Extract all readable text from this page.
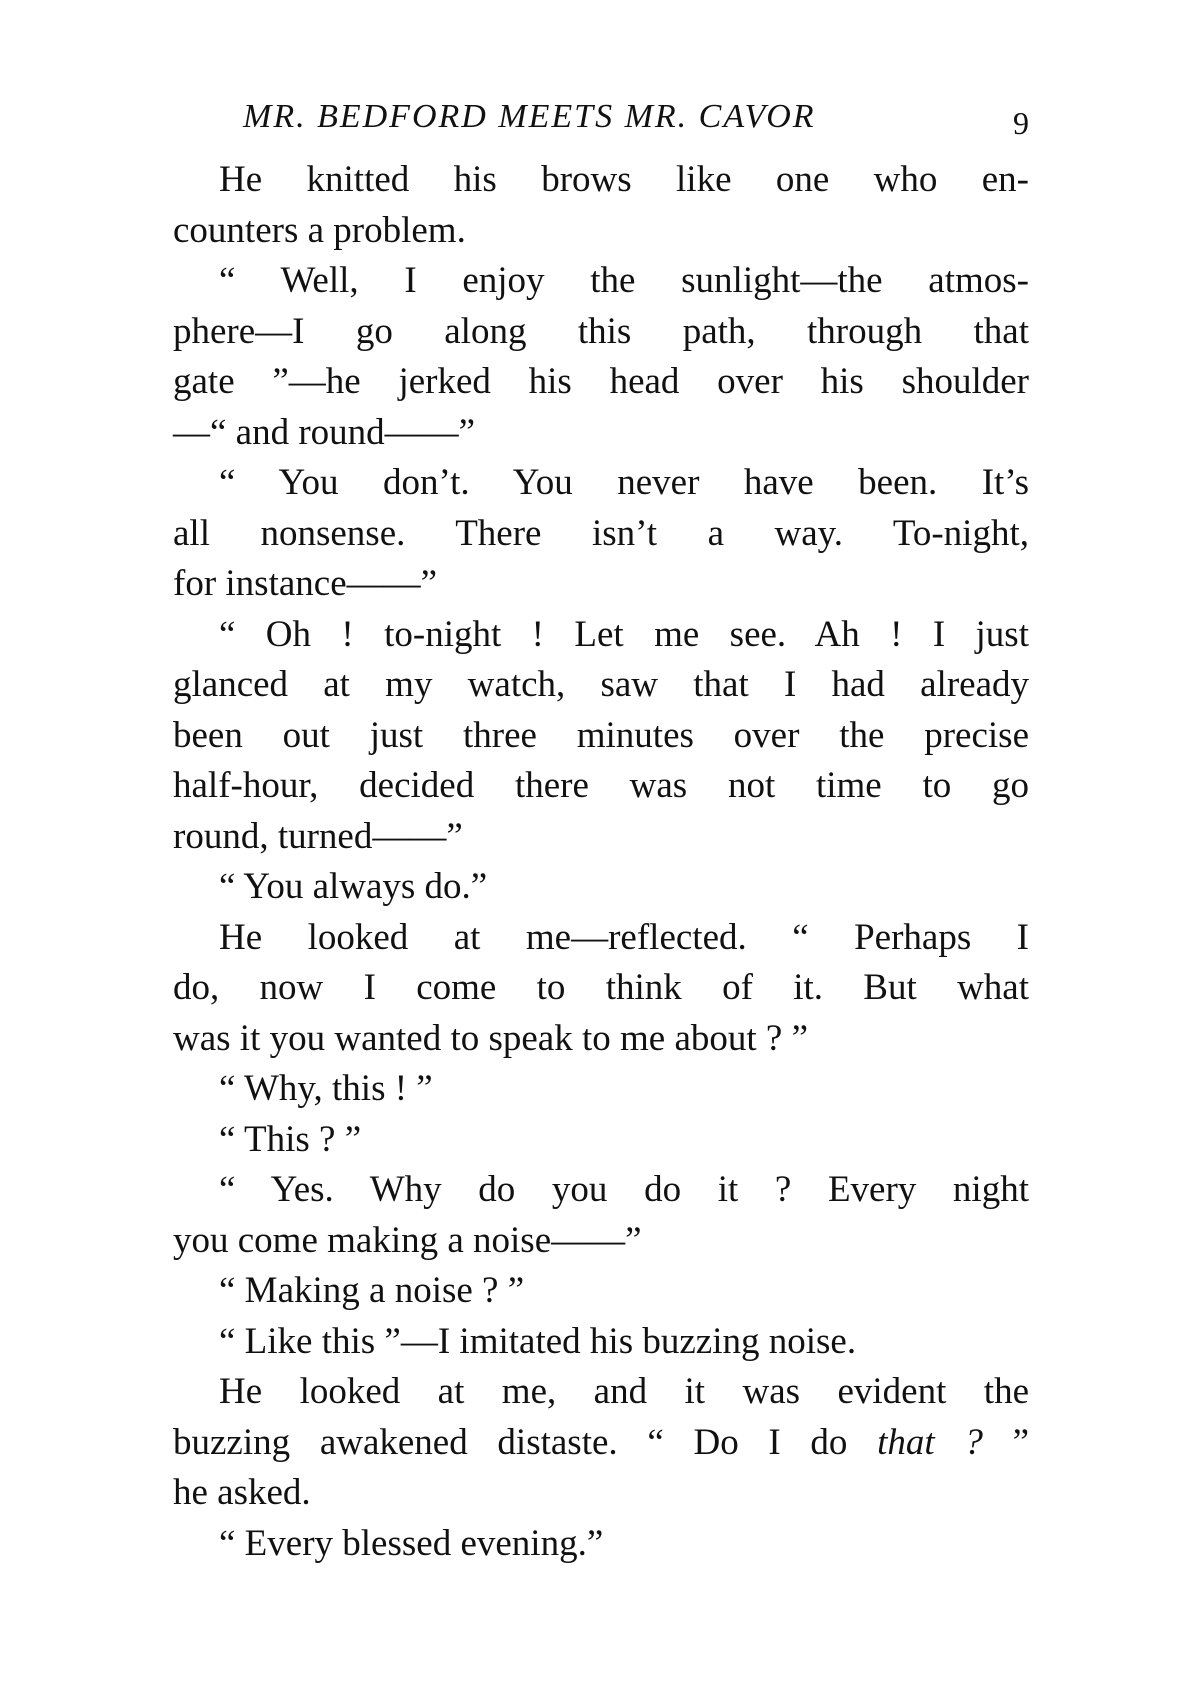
MR. BEDFORD MEETS MR. CAVOR	9
He knitted his brows like one who en-
counters a problem.
“ Well, I enjoy the sunlight—the atmos-
phere—I go along this path, through that
gate ”—he jerked his head over his shoulder
—“ and round——”
“ You don’t. You never have been. It’s
all nonsense. There isn’t a way. To-night,
for instance——”
“ Oh ! to-night ! Let me see. Ah ! I just
glanced at my watch, saw that I had already
been out just three minutes over the precise
half-hour, decided there was not time to go
round, turned——”
“ You always do.”
He looked at me—reflected. “ Perhaps I
do, now I come to think of it. But what
was it you wanted to speak to me about ? ”
“ Why, this ! ”
“ This ? ”
“ Yes. Why do you do it ? Every night
you come making a noise——”
“ Making a noise ? ”
“ Like this ”—I imitated his buzzing noise.
He looked at me, and it was evident the
buzzing awakened distaste. “ Do I do that ? ”
he asked.
“ Every blessed evening.”
